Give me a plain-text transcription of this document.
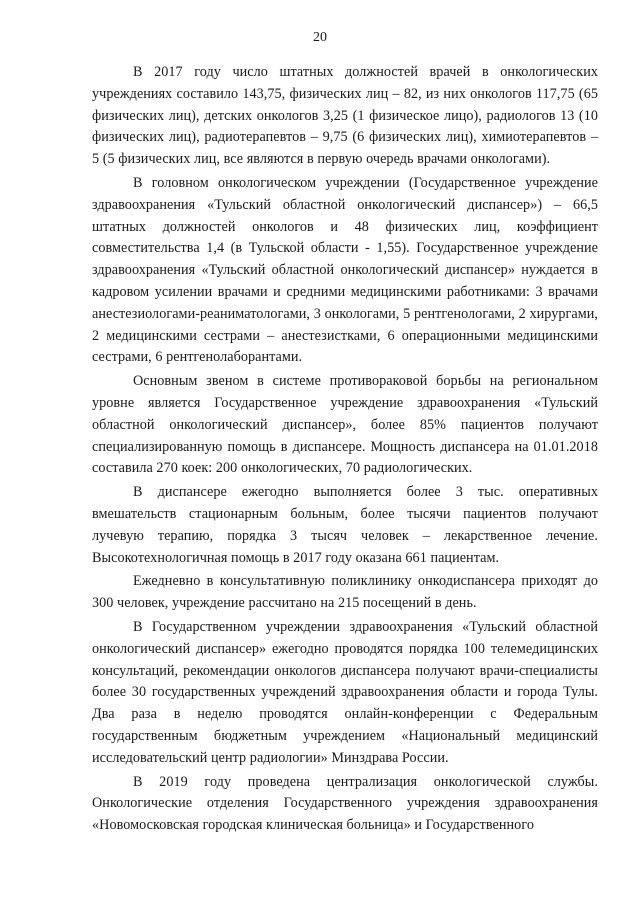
20

В 2017 году число штатных должностей врачей в онкологических учреждениях составило 143,75, физических лиц – 82, из них онкологов 117,75 (65 физических лиц), детских онкологов 3,25 (1 физическое лицо), радиологов 13 (10 физических лиц), радиотерапевтов – 9,75 (6 физических лиц), химиотерапевтов – 5 (5 физических лиц, все являются в первую очередь врачами онкологами).

В головном онкологическом учреждении (Государственное учреждение здравоохранения «Тульский областной онкологический диспансер») – 66,5 штатных должностей онкологов и 48 физических лиц, коэффициент совместительства 1,4 (в Тульской области - 1,55). Государственное учреждение здравоохранения «Тульский областной онкологический диспансер» нуждается в кадровом усилении врачами и средними медицинскими работниками: 3 врачами анестезиологами-реаниматологами, 3 онкологами, 5 рентгенологами, 2 хирургами, 2 медицинскими сестрами – анестезистками, 6 операционными медицинскими сестрами, 6 рентгенолаборантами.

Основным звеном в системе противораковой борьбы на региональном уровне является Государственное учреждение здравоохранения «Тульский областной онкологический диспансер», более 85% пациентов получают специализированную помощь в диспансере. Мощность диспансера на 01.01.2018 составила 270 коек: 200 онкологических, 70 радиологических.

В диспансере ежегодно выполняется более 3 тыс. оперативных вмешательств стационарным больным, более тысячи пациентов получают лучевую терапию, порядка 3 тысяч человек – лекарственное лечение. Высокотехнологичная помощь в 2017 году оказана 661 пациентам.

Ежедневно в консультативную поликлинику онкодиспансера приходят до 300 человек, учреждение рассчитано на 215 посещений в день.

В Государственном учреждении здравоохранения «Тульский областной онкологический диспансер» ежегодно проводятся порядка 100 телемедицинских консультаций, рекомендации онкологов диспансера получают врачи-специалисты более 30 государственных учреждений здравоохранения области и города Тулы. Два раза в неделю проводятся онлайн-конференции с Федеральным государственным бюджетным учреждением «Национальный медицинский исследовательский центр радиологии» Минздрава России.

В 2019 году проведена централизация онкологической службы. Онкологические отделения Государственного учреждения здравоохранения «Новомосковская городская клиническая больница» и Государственного
